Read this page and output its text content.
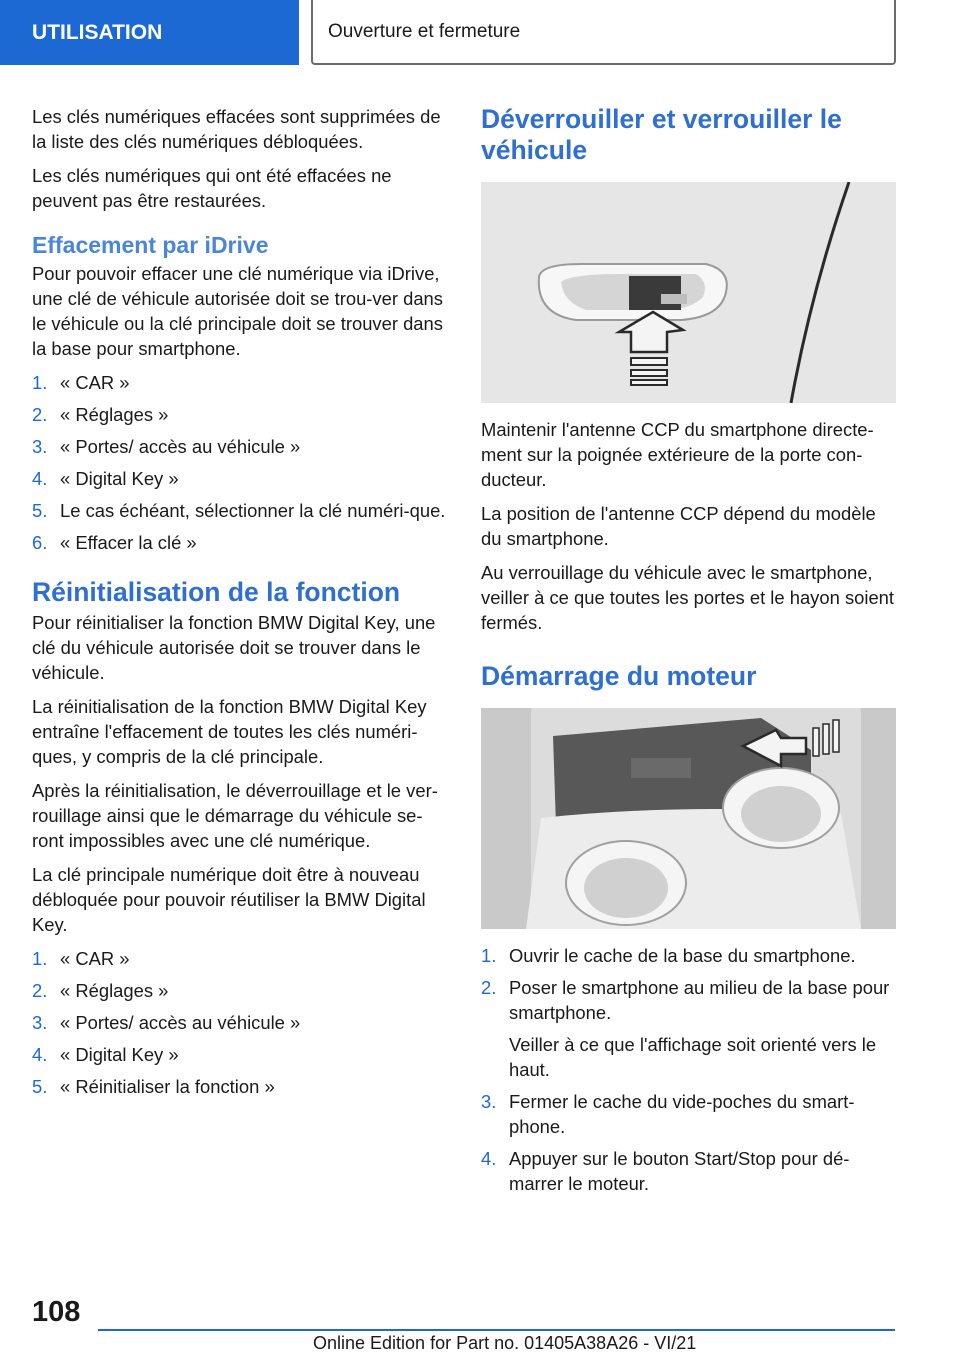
UTILISATION	Ouverture et fermeture

Les clés numériques effacées sont supprimées de la liste des clés numériques débloquées.

Les clés numériques qui ont été effacées ne peuvent pas être restaurées.

Effacement par iDrive

Pour pouvoir effacer une clé numérique via iDrive, une clé de véhicule autorisée doit se trou‐ver dans le véhicule ou la clé principale doit se trouver dans la base pour smartphone.

1. « CAR »
2. « Réglages »
3. « Portes/ accès au véhicule »
4. « Digital Key »
5. Le cas échéant, sélectionner la clé numéri‐que.
6. « Effacer la clé »
Réinitialisation de la fonction

Pour réinitialiser la fonction BMW Digital Key, une clé du véhicule autorisée doit se trouver dans le véhicule.

La réinitialisation de la fonction BMW Digital Key entraîne l'effacement de toutes les clés numéri‐ques, y compris de la clé principale.

Après la réinitialisation, le déverrouillage et le ver‐rouillage ainsi que le démarrage du véhicule se‐ront impossibles avec une clé numérique.

La clé principale numérique doit être à nouveau débloquée pour pouvoir réutiliser la BMW Digital Key.

1. « CAR »
2. « Réglages »
3. « Portes/ accès au véhicule »
4. « Digital Key »
5. « Réinitialiser la fonction »
Déverrouiller et verrouiller le véhicule

Maintenir l'antenne CCP du smartphone directe‐ment sur la poignée extérieure de la porte con‐ducteur.

La position de l'antenne CCP dépend du modèle du smartphone.

Au verrouillage du véhicule avec le smartphone, veiller à ce que toutes les portes et le hayon soient fermés.

Démarrage du moteur
1. Ouvrir le cache de la base du smartphone.
2. Poser le smartphone au milieu de la base pour smartphone.
Veiller à ce que l'affichage soit orienté vers le haut.
3. Fermer le cache du vide-poches du smart‐phone.
4. Appuyer sur le bouton Start/Stop pour dé‐marrer le moteur.
108
Online Edition for Part no. 01405A38A26 - VI/21
